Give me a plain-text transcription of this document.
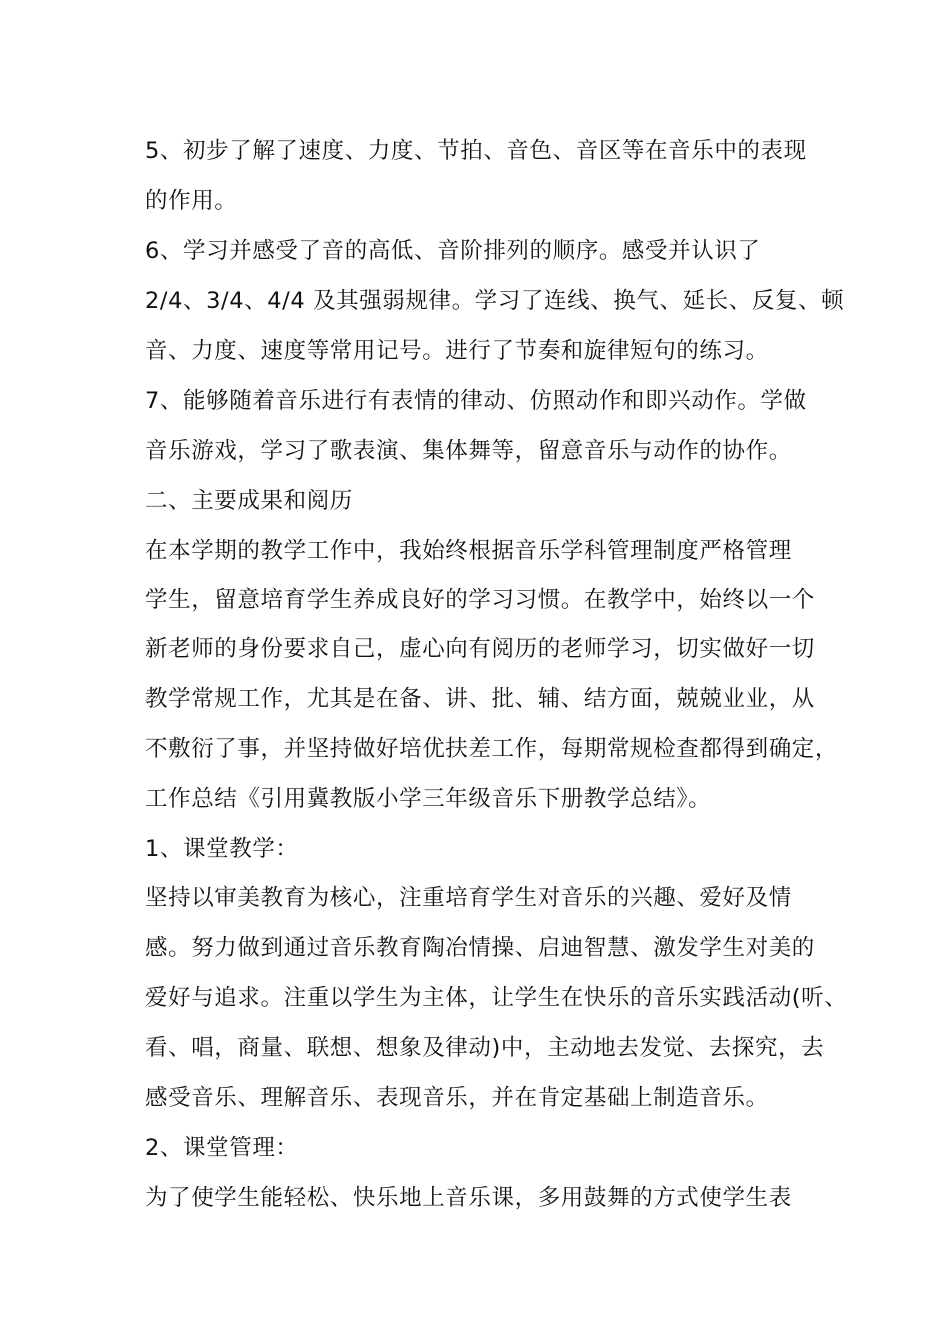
5、初步了解了速度、力度、节拍、音色、音区等在音乐中的表现
的作用。
6、学习并感受了音的高低、音阶排列的顺序。感受并认识了
2/4、3/4、4/4 及其强弱规律。学习了连线、换气、延长、反复、顿
音、力度、速度等常用记号。进行了节奏和旋律短句的练习。
7、能够随着音乐进行有表情的律动、仿照动作和即兴动作。学做
音乐游戏，学习了歌表演、集体舞等，留意音乐与动作的协作。
二、主要成果和阅历
在本学期的教学工作中，我始终根据音乐学科管理制度严格管理
学生，留意培育学生养成良好的学习习惯。在教学中，始终以一个
新老师的身份要求自己，虚心向有阅历的老师学习，切实做好一切
教学常规工作，尤其是在备、讲、批、辅、结方面，兢兢业业，从
不敷衍了事，并坚持做好培优扶差工作，每期常规检查都得到确定，
工作总结《引用冀教版小学三年级音乐下册教学总结》。
1、课堂教学：
坚持以审美教育为核心，注重培育学生对音乐的兴趣、爱好及情
感。努力做到通过音乐教育陶冶情操、启迪智慧、激发学生对美的
爱好与追求。注重以学生为主体，让学生在快乐的音乐实践活动(听、
看、唱，商量、联想、想象及律动)中，主动地去发觉、去探究，去
感受音乐、理解音乐、表现音乐，并在肯定基础上制造音乐。
2、课堂管理：
为了使学生能轻松、快乐地上音乐课，多用鼓舞的方式使学生表
